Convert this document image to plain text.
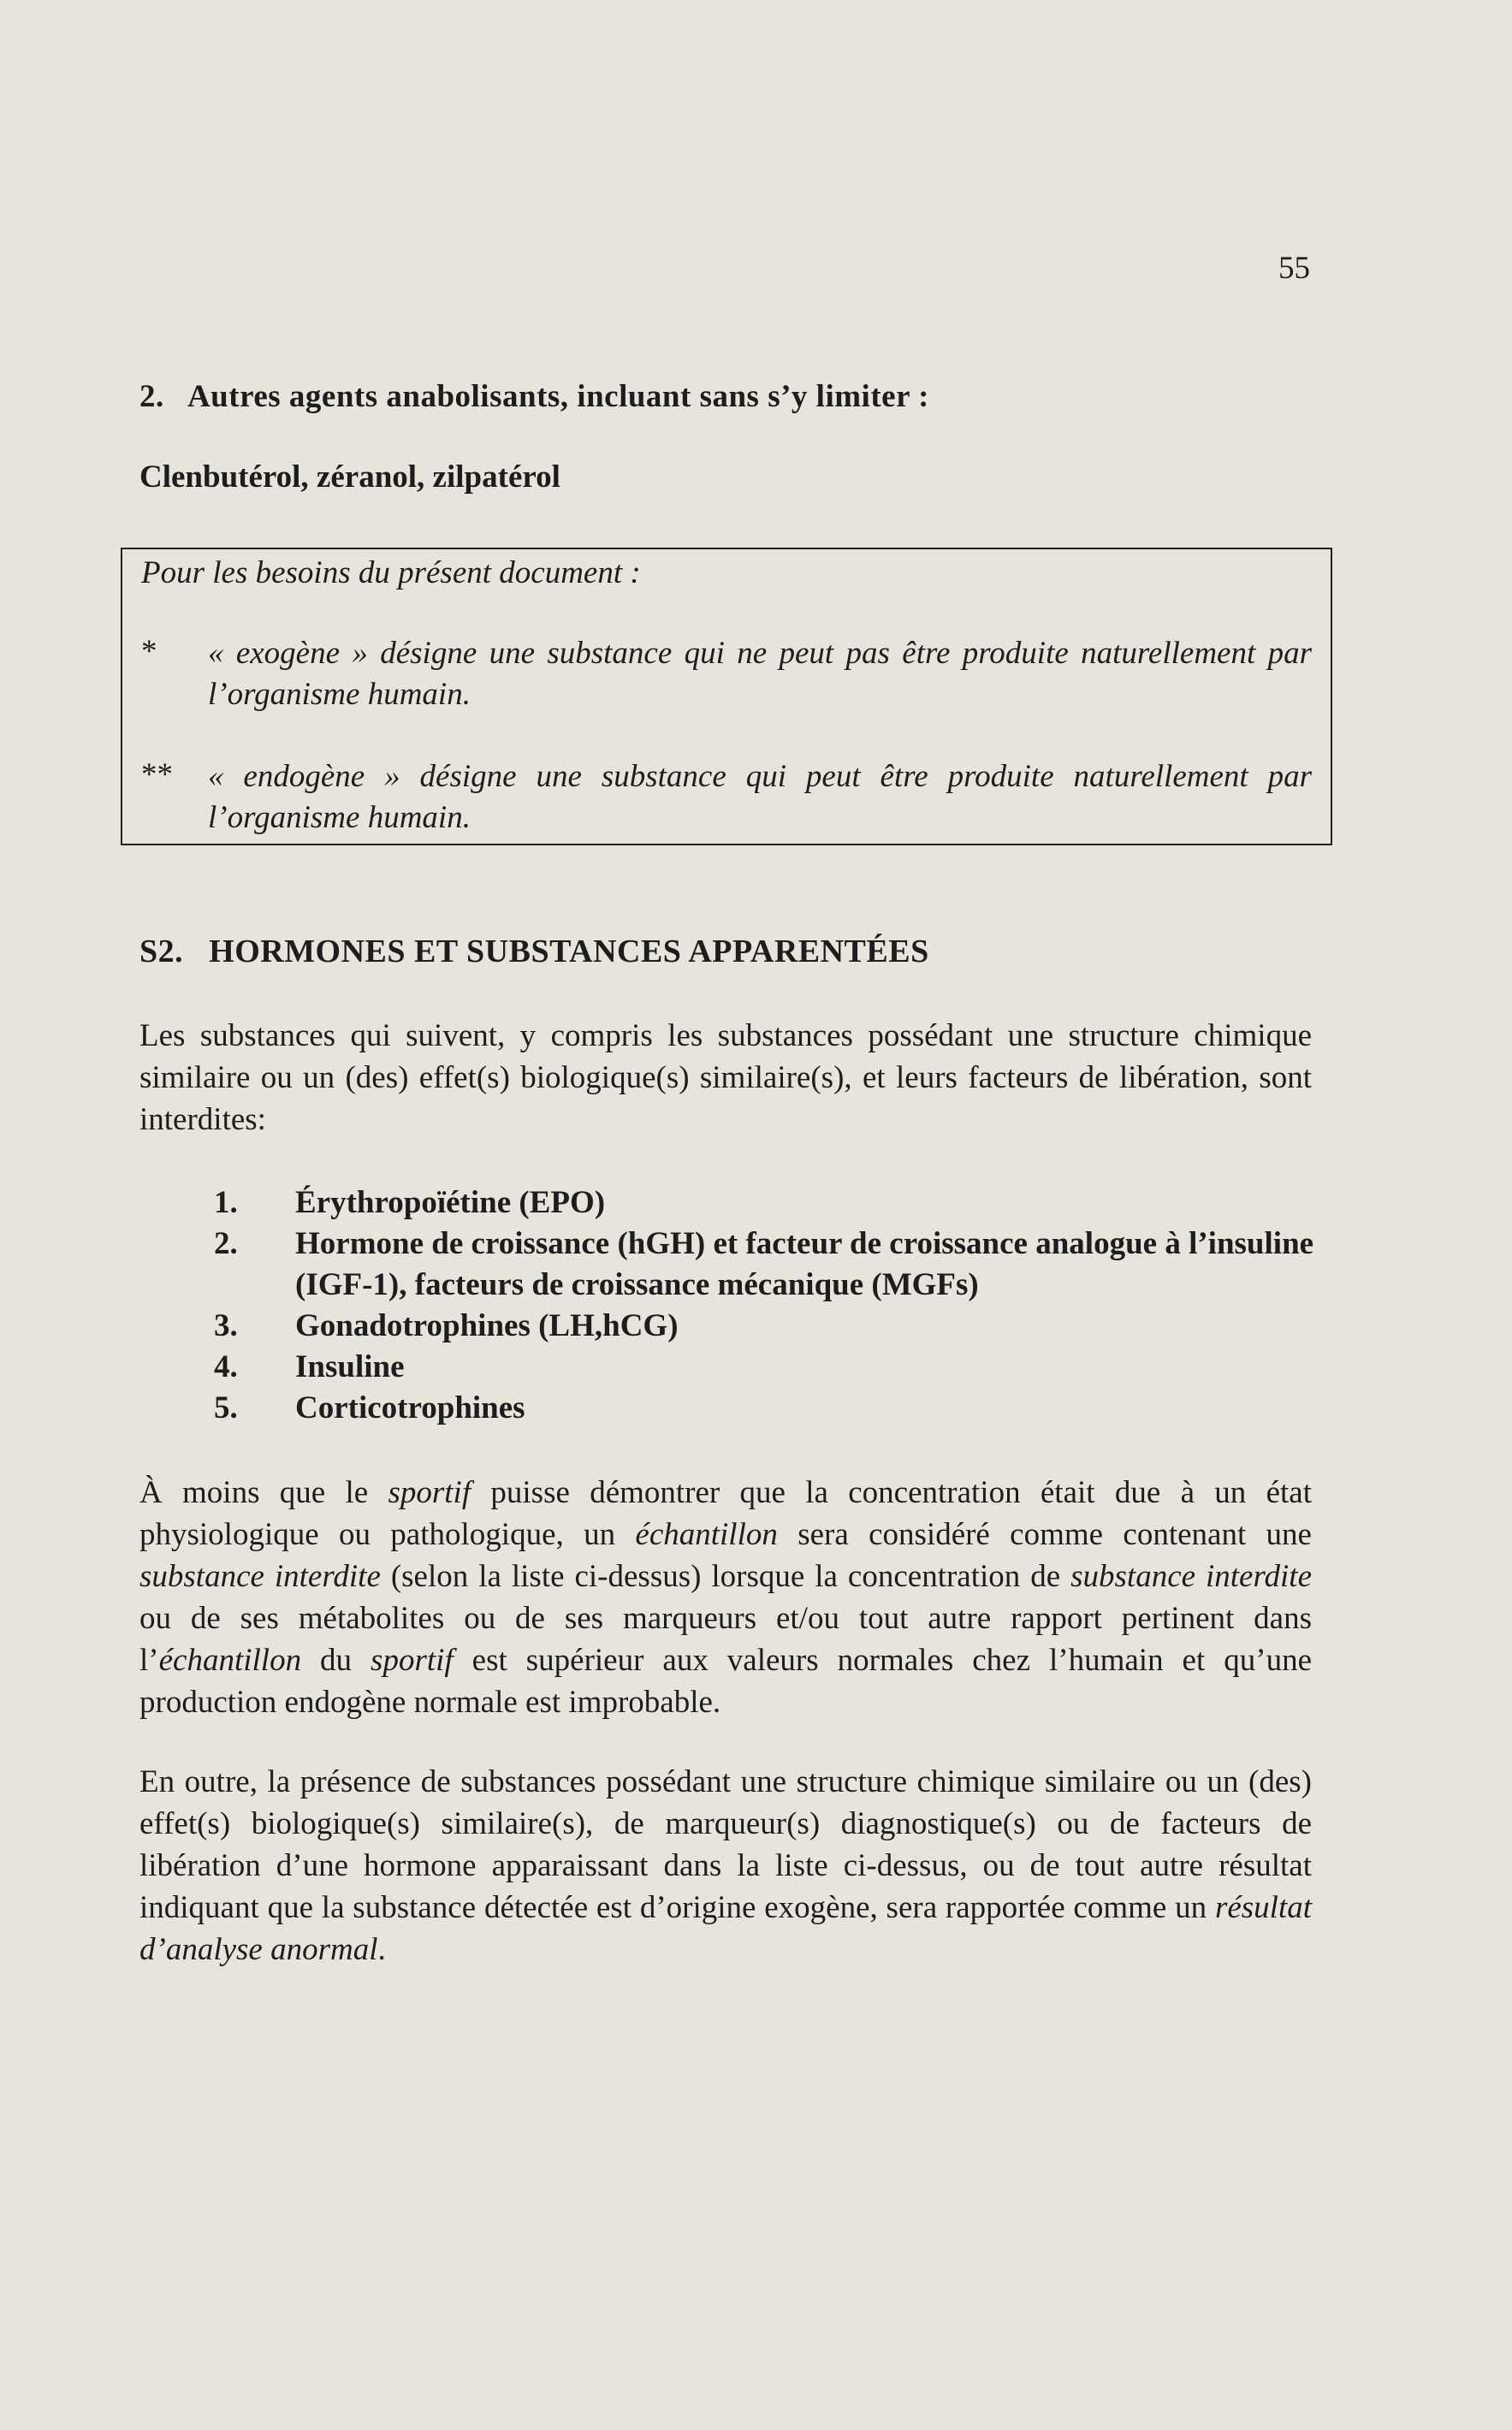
55
2.   Autres agents anabolisants, incluant sans s’y limiter :
Clenbutérol, zéranol, zilpatérol
Pour les besoins du présent document :
* « exogène » désigne une substance qui ne peut pas être produite naturellement par l’organisme humain.
** « endogène » désigne une substance qui peut être produite naturellement par l’organisme humain.
S2.   HORMONES ET SUBSTANCES APPARENTÉES

Les substances qui suivent, y compris les substances possédant une structure chimique similaire ou un (des) effet(s) biologique(s) similaire(s), et leurs facteurs de libération, sont interdites:

1. Érythropoïétine (EPO)
2. Hormone de croissance (hGH) et facteur de croissance analogue à l’insuline (IGF-1), facteurs de croissance mécanique (MGFs)
3. Gonadotrophines (LH,hCG)
4. Insuline
5. Corticotrophines

À moins que le sportif puisse démontrer que la concentration était due à un état physiologique ou pathologique, un échantillon sera considéré comme contenant une substance interdite (selon la liste ci-dessus) lorsque la concentration de substance interdite ou de ses métabolites ou de ses marqueurs et/ou tout autre rapport pertinent dans l’échantillon du sportif est supérieur aux valeurs normales chez l’humain et qu’une production endogène normale est improbable.

En outre, la présence de substances possédant une structure chimique similaire ou un (des) effet(s) biologique(s) similaire(s), de marqueur(s) diagnostique(s) ou de facteurs de libération d’une hormone apparaissant dans la liste ci-dessus, ou de tout autre résultat indiquant que la substance détectée est d’origine exogène, sera rapportée comme un résultat d’analyse anormal.
